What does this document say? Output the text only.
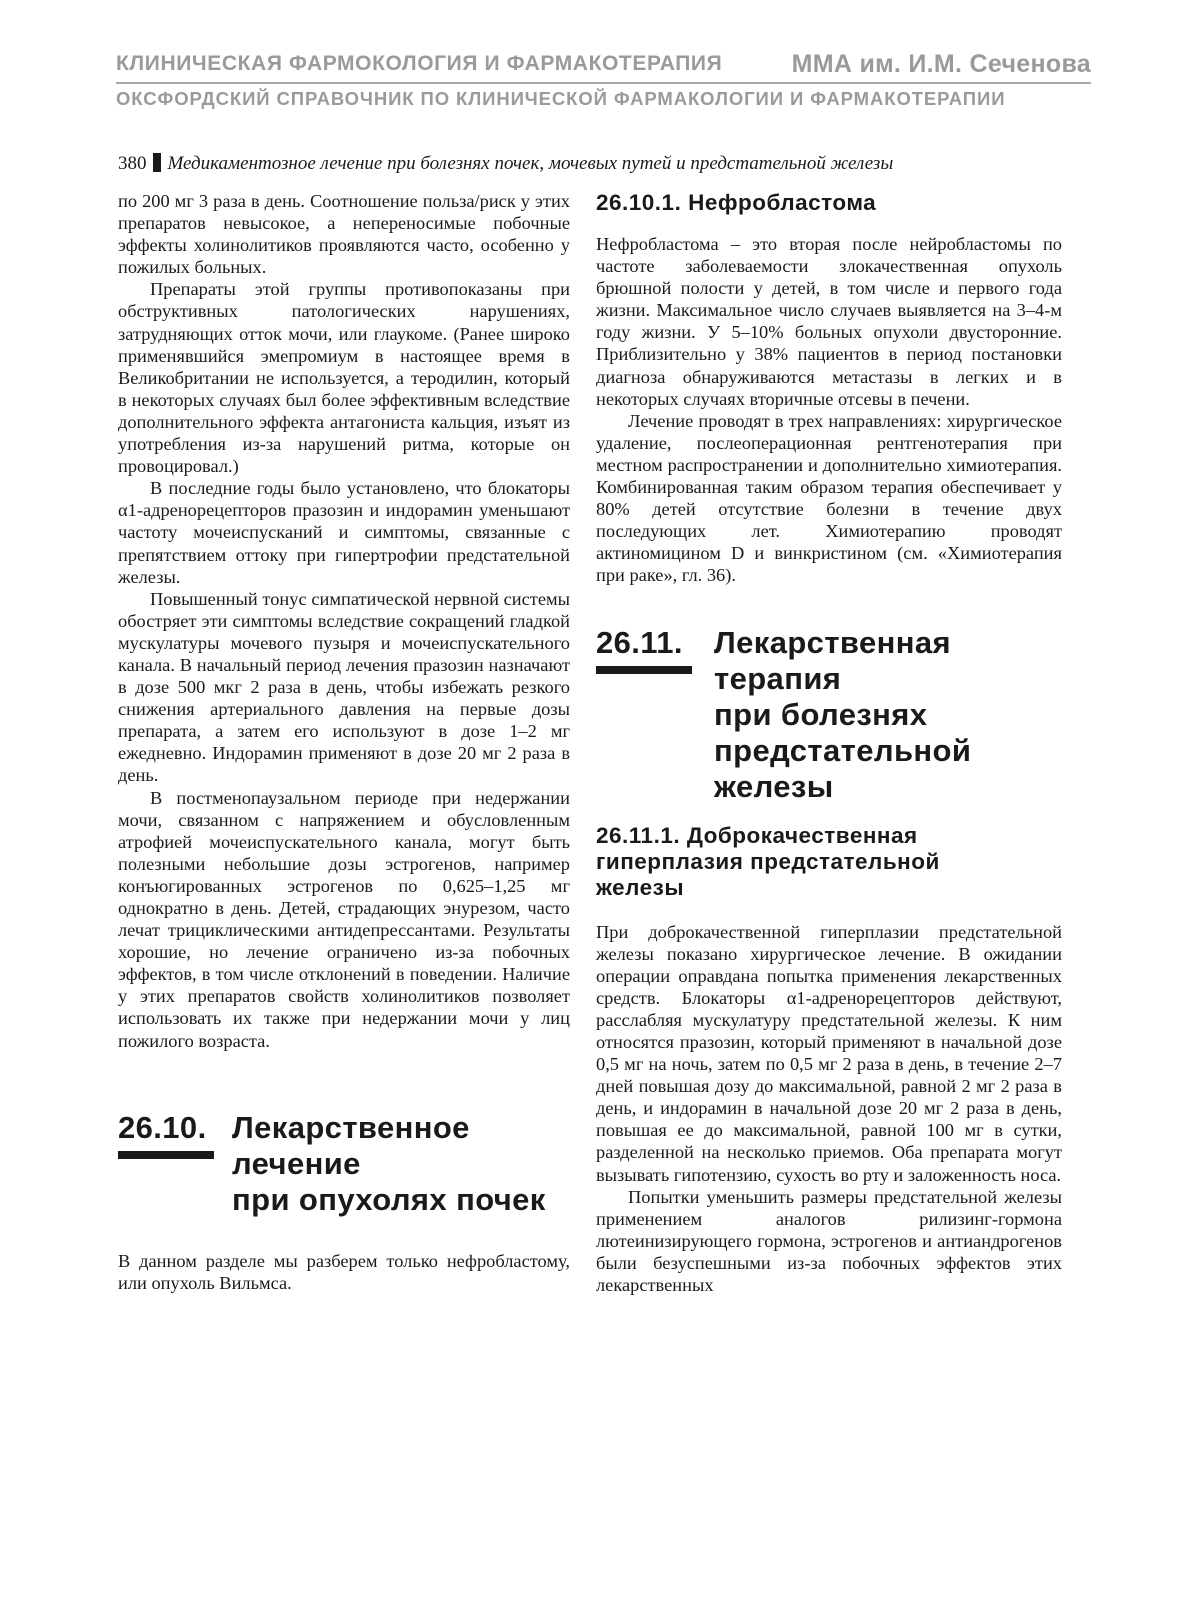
КЛИНИЧЕСКАЯ ФАРМОКОЛОГИЯ И ФАРМАКОТЕРАПИЯ	ММА им. И.М. Сеченова
ОКСФОРДСКИЙ СПРАВОЧНИК ПО КЛИНИЧЕСКОЙ ФАРМАКОЛОГИИ И ФАРМАКОТЕРАПИИ
380 Медикаментозное лечение при болезнях почек, мочевых путей и предстательной железы

по 200 мг 3 раза в день. Соотношение польза/риск у этих препаратов невысокое, а непереносимые побочные эффекты холинолитиков проявляются часто, особенно у пожилых больных.

Препараты этой группы противопоказаны при обструктивных патологических нарушениях, затрудняющих отток мочи, или глаукоме. (Ранее широко применявшийся эмепромиум в настоящее время в Великобритании не используется, а теродилин, который в некоторых случаях был более эффективным вследствие дополнительного эффекта антагониста кальция, изъят из употребления из-за нарушений ритма, которые он провоцировал.)

В последние годы было установлено, что блокаторы α1-адренорецепторов празозин и индорамин уменьшают частоту мочеиспусканий и симптомы, связанные с препятствием оттоку при гипертрофии предстательной железы.

Повышенный тонус симпатической нервной системы обостряет эти симптомы вследствие сокращений гладкой мускулатуры мочевого пузыря и мочеиспускательного канала. В начальный период лечения празозин назначают в дозе 500 мкг 2 раза в день, чтобы избежать резкого снижения артериального давления на первые дозы препарата, а затем его используют в дозе 1–2 мг ежедневно. Индорамин применяют в дозе 20 мг 2 раза в день.

В постменопаузальном периоде при недержании мочи, связанном с напряжением и обусловленным атрофией мочеиспускательного канала, могут быть полезными небольшие дозы эстрогенов, например конъюгированных эстрогенов по 0,625–1,25 мг однократно в день. Детей, страдающих энурезом, часто лечат трициклическими антидепрессантами. Результаты хорошие, но лечение ограничено из-за побочных эффектов, в том числе отклонений в поведении. Наличие у этих препаратов свойств холинолитиков позволяет использовать их также при недержании мочи у лиц пожилого возраста.

26.10. Лекарственное
лечение
при опухолях почек

В данном разделе мы разберем только нефробластому, или опухоль Вильмса.

26.10.1. Нефробластома

Нефробластома – это вторая после нейробластомы по частоте заболеваемости злокачественная опухоль брюшной полости у детей, в том числе и первого года жизни. Максимальное число случаев выявляется на 3–4-м году жизни. У 5–10% больных опухоли двусторонние. Приблизительно у 38% пациентов в период постановки диагноза обнаруживаются метастазы в легких и в некоторых случаях вторичные отсевы в печени.

Лечение проводят в трех направлениях: хирургическое удаление, послеоперационная рентгенотерапия при местном распространении и дополнительно химиотерапия. Комбинированная таким образом терапия обеспечивает у 80% детей отсутствие болезни в течение двух последующих лет. Химиотерапию проводят актиномицином D и винкристином (см. «Химиотерапия при раке», гл. 36).

26.11. Лекарственная
терапия
при болезнях
предстательной
железы
26.11.1. Доброкачественная
гиперплазия предстательной
железы

При доброкачественной гиперплазии предстательной железы показано хирургическое лечение. В ожидании операции оправдана попытка применения лекарственных средств. Блокаторы α1-адренорецепторов действуют, расслабляя мускулатуру предстательной железы. К ним относятся празозин, который применяют в начальной дозе 0,5 мг на ночь, затем по 0,5 мг 2 раза в день, в течение 2–7 дней повышая дозу до максимальной, равной 2 мг 2 раза в день, и индорамин в начальной дозе 20 мг 2 раза в день, повышая ее до максимальной, равной 100 мг в сутки, разделенной на несколько приемов. Оба препарата могут вызывать гипотензию, сухость во рту и заложенность носа.

Попытки уменьшить размеры предстательной железы применением аналогов рилизинг-гормона лютеинизирующего гормона, эстрогенов и антиандрогенов были безуспешными из-за побочных эффектов этих лекарственных
